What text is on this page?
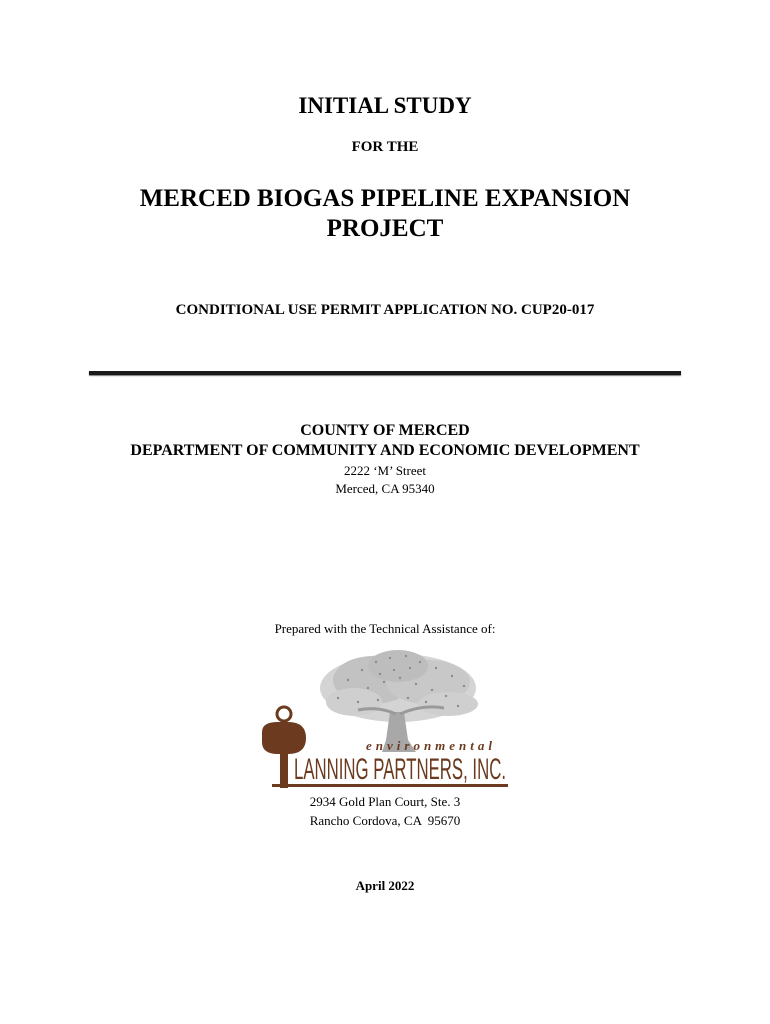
INITIAL STUDY
FOR THE
MERCED BIOGAS PIPELINE EXPANSION
PROJECT
CONDITIONAL USE PERMIT APPLICATION NO. CUP20-017
COUNTY OF MERCED
DEPARTMENT OF COMMUNITY AND ECONOMIC DEVELOPMENT
2222 ‘M’ Street
Merced, CA 95340
Prepared with the Technical Assistance of:
environmental
LANNING PARTNERS, INC.
2934 Gold Plan Court, Ste. 3
Rancho Cordova, CA  95670
April 2022
